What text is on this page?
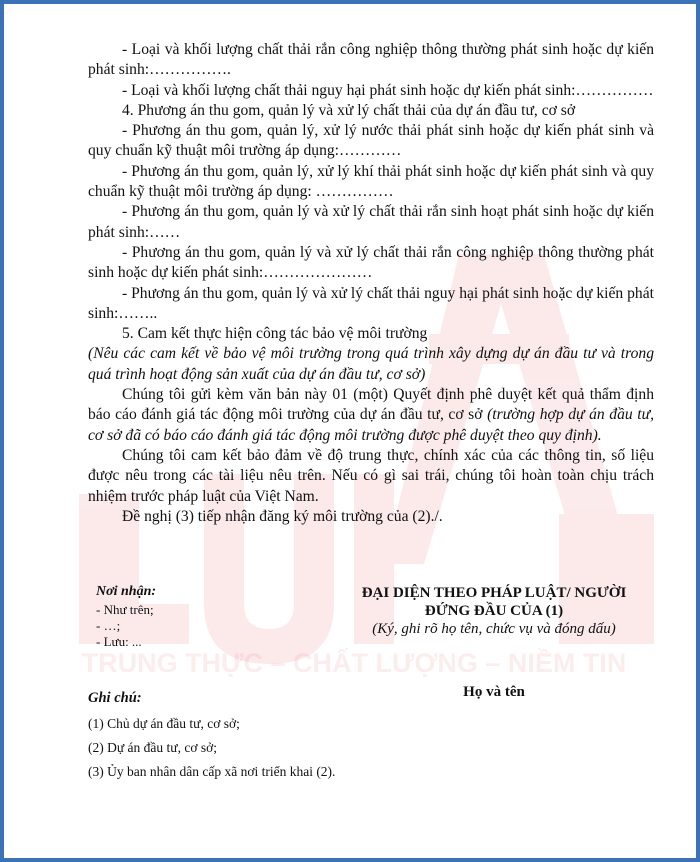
TRUNG THỰC – CHẤT LƯỢNG – NIỀM TIN

- Loại và khối lượng chất thải rắn công nghiệp thông thường phát sinh hoặc dự kiến phát sinh:…………….

- Loại và khối lượng chất thải nguy hại phát sinh hoặc dự kiến phát sinh:……………

4. Phương án thu gom, quản lý và xử lý chất thải của dự án đầu tư, cơ sở

- Phương án thu gom, quản lý, xử lý nước thải phát sinh hoặc dự kiến phát sinh và quy chuẩn kỹ thuật môi trường áp dụng:…………

- Phương án thu gom, quản lý, xử lý khí thải phát sinh hoặc dự kiến phát sinh và quy chuẩn kỹ thuật môi trường áp dụng: ……………

- Phương án thu gom, quản lý và xử lý chất thải rắn sinh hoạt phát sinh hoặc dự kiến phát sinh:……

- Phương án thu gom, quản lý và xử lý chất thải rắn công nghiệp thông thường phát sinh hoặc dự kiến phát sinh:…………………

- Phương án thu gom, quản lý và xử lý chất thải nguy hại phát sinh hoặc dự kiến phát sinh:……..

5. Cam kết thực hiện công tác bảo vệ môi trường

(Nêu các cam kết về bảo vệ môi trường trong quá trình xây dựng dự án đầu tư và trong quá trình hoạt động sản xuất của dự án đầu tư, cơ sở)

Chúng tôi gửi kèm văn bản này 01 (một) Quyết định phê duyệt kết quả thẩm định báo cáo đánh giá tác động môi trường của dự án đầu tư, cơ sở (trường hợp dự án đầu tư, cơ sở đã có báo cáo đánh giá tác động môi trường được phê duyệt theo quy định).

Chúng tôi cam kết bảo đảm về độ trung thực, chính xác của các thông tin, số liệu được nêu trong các tài liệu nêu trên. Nếu có gì sai trái, chúng tôi hoàn toàn chịu trách nhiệm trước pháp luật của Việt Nam.

Đề nghị (3) tiếp nhận đăng ký môi trường của (2)./.

Nơi nhận:
- Như trên;
- …;
- Lưu: ...
ĐẠI DIỆN THEO PHÁP LUẬT/ NGƯỜI
ĐỨNG ĐẦU CỦA (1)
(Ký, ghi rõ họ tên, chức vụ và đóng dấu)
Họ và tên
Ghi chú:
(1) Chủ dự án đầu tư, cơ sở;
(2) Dự án đầu tư, cơ sở;
(3) Ủy ban nhân dân cấp xã nơi triển khai (2).
